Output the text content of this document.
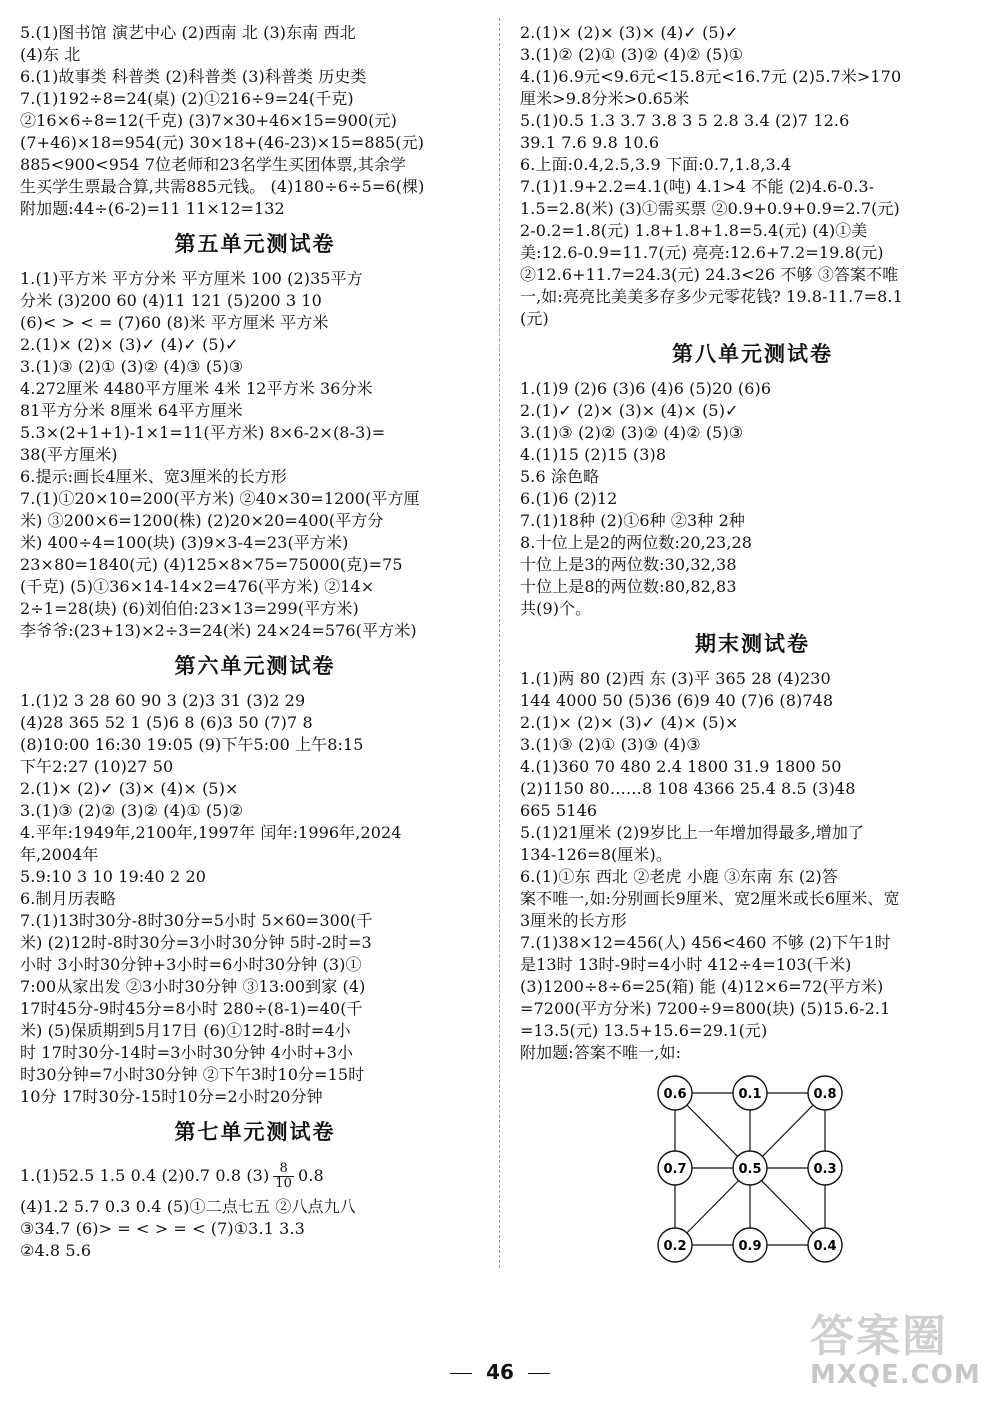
5.(1)图书馆 演艺中心 (2)西南 北 (3)东南 西北
(4)东 北
6.(1)故事类 科普类 (2)科普类 (3)科普类 历史类
7.(1)192÷8=24(桌) (2)①216÷9=24(千克)
②16×6÷8=12(千克) (3)7×30+46×15=900(元)
(7+46)×18=954(元) 30×18+(46-23)×15=885(元)
885<900<954 7位老师和23名学生买团体票,其余学
生买学生票最合算,共需885元钱。 (4)180÷6÷5=6(棵)
附加题:44÷(6-2)=11 11×12=132
第五单元测试卷
1.(1)平方米 平方分米 平方厘米 100 (2)35平方
分米 (3)200 60 (4)11 121 (5)200 3 10
(6)< > < = (7)60 (8)米 平方厘米 平方米
2.(1)× (2)× (3)✓ (4)✓ (5)✓
3.(1)③ (2)① (3)② (4)③ (5)③
4.272厘米 4480平方厘米 4米 12平方米 36分米
81平方分米 8厘米 64平方厘米
5.3×(2+1+1)-1×1=11(平方米) 8×6-2×(8-3)=
38(平方厘米)
6.提示:画长4厘米、宽3厘米的长方形
7.(1)①20×10=200(平方米) ②40×30=1200(平方厘
米) ③200×6=1200(株) (2)20×20=400(平方分
米) 400÷4=100(块) (3)9×3-4=23(平方米)
23×80=1840(元) (4)125×8×75=75000(克)=75
(千克) (5)①36×14-14×2=476(平方米) ②14×
2÷1=28(块) (6)刘伯伯:23×13=299(平方米)
李爷爷:(23+13)×2÷3=24(米) 24×24=576(平方米)
第六单元测试卷
1.(1)2 3 28 60 90 3 (2)3 31 (3)2 29
(4)28 365 52 1 (5)6 8 (6)3 50 (7)7 8
(8)10:00 16:30 19:05 (9)下午5:00 上午8:15
下午2:27 (10)27 50
2.(1)× (2)✓ (3)× (4)× (5)×
3.(1)③ (2)② (3)② (4)① (5)②
4.平年:1949年,2100年,1997年 闰年:1996年,2024
年,2004年
5.9:10 3 10 19:40 2 20
6.制月历表略
7.(1)13时30分-8时30分=5小时 5×60=300(千
米) (2)12时-8时30分=3小时30分钟 5时-2时=3
小时 3小时30分钟+3小时=6小时30分钟 (3)①
7:00从家出发 ②3小时30分钟 ③13:00到家 (4)
17时45分-9时45分=8小时 280÷(8-1)=40(千
米) (5)保质期到5月17日 (6)①12时-8时=4小
时 17时30分-14时=3小时30分钟 4小时+3小
时30分钟=7小时30分钟 ②下午3时10分=15时
10分 17时30分-15时10分=2小时20分钟
第七单元测试卷
1.(1)52.5 1.5 0.4 (2)0.7 0.8 $(3) \frac{8}{10} 0.8$
(4)1.2 5.7 0.3 0.4 (5)①二点七五 ②八点九八
③34.7 (6)> = < > = < (7)①3.1 3.3
②4.8 5.6
2.(1)× (2)× (3)× (4)✓ (5)✓
3.(1)② (2)① (3)② (4)② (5)①
4.(1)6.9元<9.6元<15.8元<16.7元 (2)5.7米>170
厘米>9.8分米>0.65米
5.(1)0.5 1.3 3.7 3.8 3 5 2.8 3.4 (2)7 12.6
39.1 7.6 9.8 10.6
6.上面:0.4,2.5,3.9 下面:0.7,1.8,3.4
7.(1)1.9+2.2=4.1(吨) 4.1>4 不能 (2)4.6-0.3-
1.5=2.8(米) (3)①需买票 ②0.9+0.9+0.9=2.7(元)
2-0.2=1.8(元) 1.8+1.8+1.8=5.4(元) (4)①美
美:12.6-0.9=11.7(元) 亮亮:12.6+7.2=19.8(元)
②12.6+11.7=24.3(元) 24.3<26 不够 ③答案不唯
一,如:亮亮比美美多存多少元零花钱? 19.8-11.7=8.1
(元)
第八单元测试卷
1.(1)9 (2)6 (3)6 (4)6 (5)20 (6)6
2.(1)✓ (2)× (3)× (4)× (5)✓
3.(1)③ (2)② (3)② (4)② (5)③
4.(1)15 (2)15 (3)8
5.6 涂色略
6.(1)6 (2)12
7.(1)18种 (2)①6种 ②3种 2种
8.十位上是2的两位数:20,23,28
十位上是3的两位数:30,32,38
十位上是8的两位数:80,82,83
共(9)个。
期末测试卷
1.(1)两 80 (2)西 东 (3)平 365 28 (4)230
144 4000 50 (5)36 (6)9 40 (7)6 (8)748
2.(1)× (2)× (3)✓ (4)× (5)×
3.(1)③ (2)① (3)③ (4)③
4.(1)360 70 480 2.4 1800 31.9 1800 50
(2)1150 80……8 108 4366 25.4 8.5 (3)48
665 5146
5.(1)21厘米 (2)9岁比上一年增加得最多,增加了
134-126=8(厘米)。
6.(1)①东 西北 ②老虎 小鹿 ③东南 东 (2)答
案不唯一,如:分别画长9厘米、宽2厘米或长6厘米、宽
3厘米的长方形
7.(1)38×12=456(人) 456<460 不够 (2)下午1时
是13时 13时-9时=4小时 412÷4=103(千米)
(3)1200÷8÷6=25(箱) 能 (4)12×6=72(平方米)
=7200(平方分米) 7200÷9=800(块) (5)15.6-2.1
=13.5(元) 13.5+15.6=29.1(元)
附加题:答案不唯一,如:
0.6	0.1	0.8
0.7	0.5	0.3
0.2	0.9	0.4
46
答案圈
MXQE.COM
